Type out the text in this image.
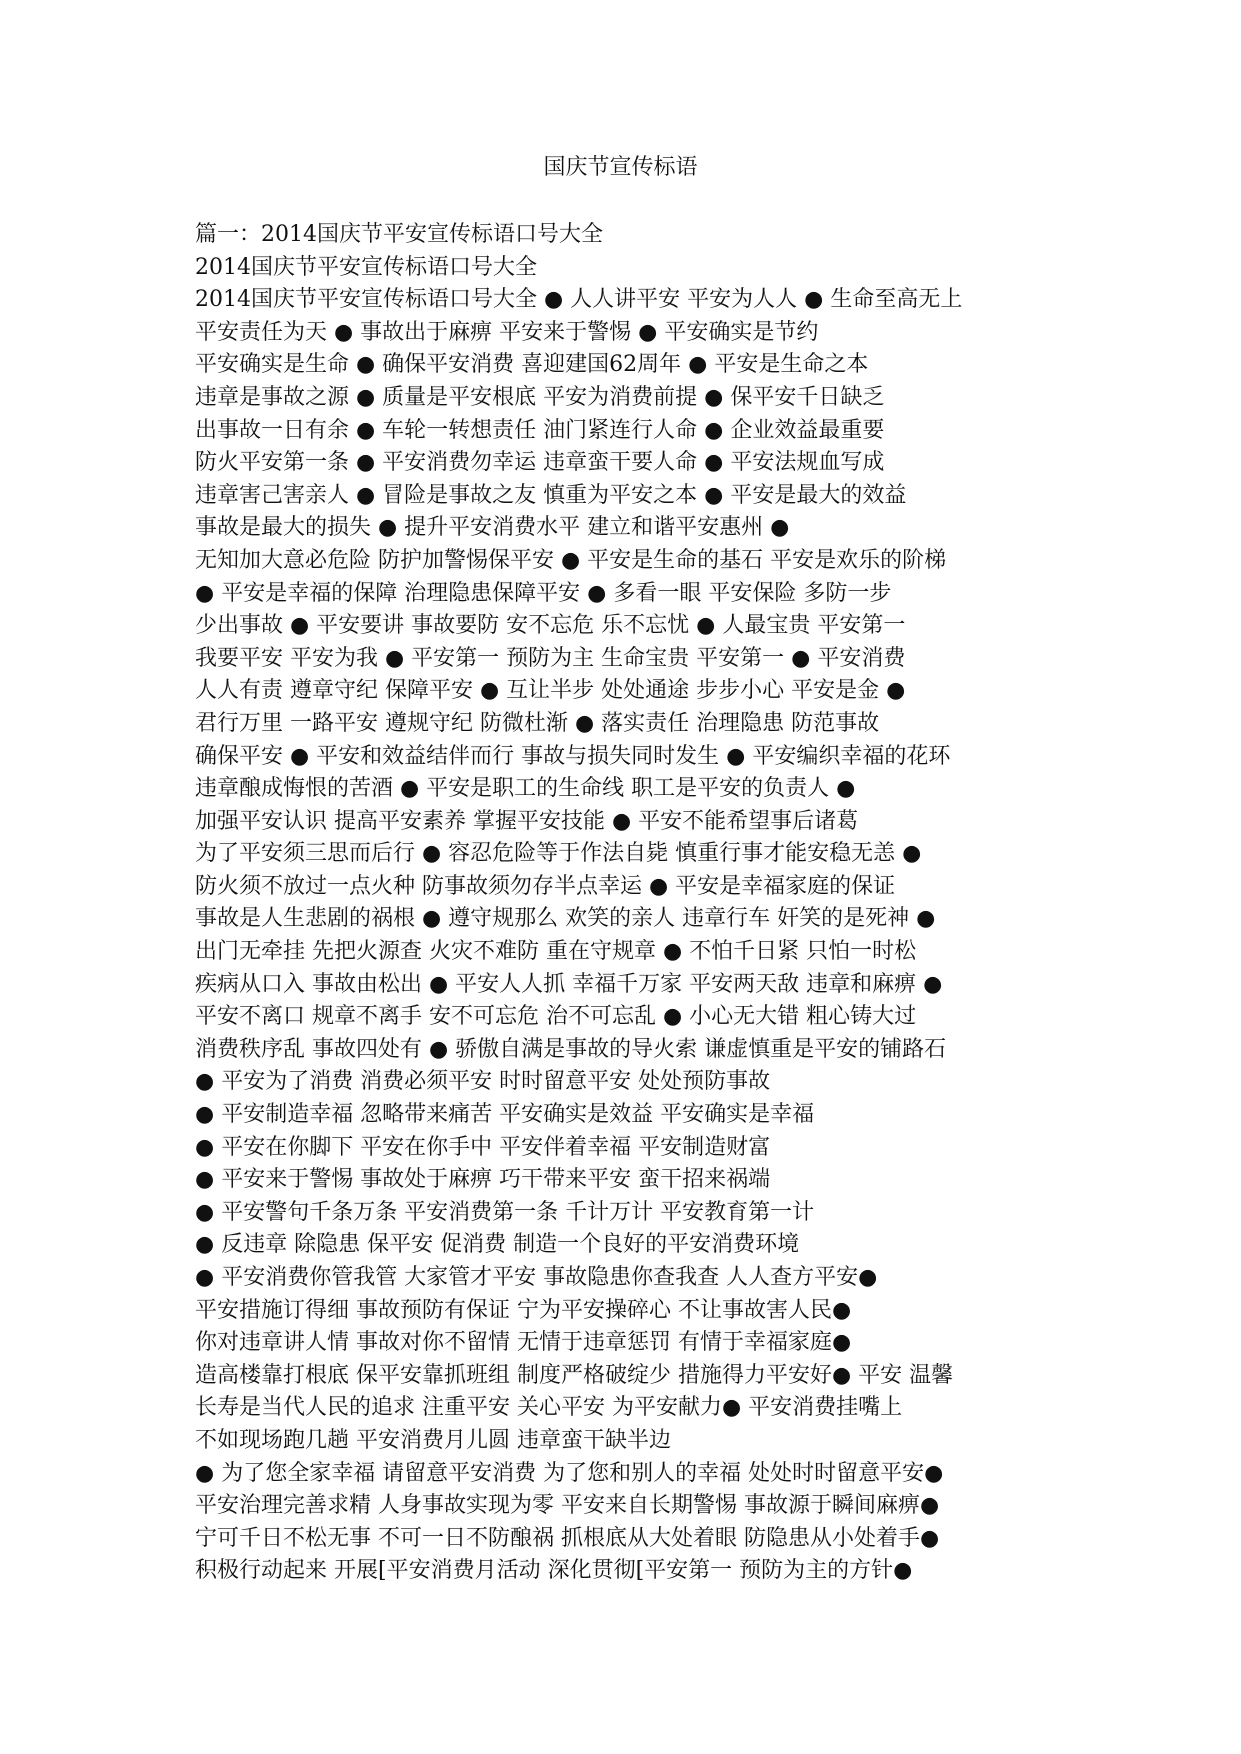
国庆节宣传标语
篇一：2014国庆节平安宣传标语口号大全
2014国庆节平安宣传标语口号大全
2014国庆节平安宣传标语口号大全 ● 人人讲平安 平安为人人 ● 生命至高无上
平安责任为天 ● 事故出于麻痹 平安来于警惕 ● 平安确实是节约
平安确实是生命 ● 确保平安消费 喜迎建国62周年 ● 平安是生命之本
违章是事故之源 ● 质量是平安根底 平安为消费前提 ● 保平安千日缺乏
出事故一日有余 ● 车轮一转想责任 油门紧连行人命 ● 企业效益最重要
防火平安第一条 ● 平安消费勿幸运 违章蛮干要人命 ● 平安法规血写成
违章害己害亲人 ● 冒险是事故之友 慎重为平安之本 ● 平安是最大的效益
事故是最大的损失 ● 提升平安消费水平 建立和谐平安惠州 ●
无知加大意必危险 防护加警惕保平安 ● 平安是生命的基石 平安是欢乐的阶梯
● 平安是幸福的保障 治理隐患保障平安 ● 多看一眼 平安保险 多防一步
少出事故 ● 平安要讲 事故要防 安不忘危 乐不忘忧 ● 人最宝贵 平安第一
我要平安 平安为我 ● 平安第一 预防为主 生命宝贵 平安第一 ● 平安消费
人人有责 遵章守纪 保障平安 ● 互让半步 处处通途 步步小心 平安是金 ●
君行万里 一路平安 遵规守纪 防微杜渐 ● 落实责任 治理隐患 防范事故
确保平安 ● 平安和效益结伴而行 事故与损失同时发生 ● 平安编织幸福的花环
违章酿成悔恨的苦酒 ● 平安是职工的生命线 职工是平安的负责人 ●
加强平安认识 提高平安素养 掌握平安技能 ● 平安不能希望事后诸葛
为了平安须三思而后行 ● 容忍危险等于作法自毙 慎重行事才能安稳无恙 ●
防火须不放过一点火种 防事故须勿存半点幸运 ● 平安是幸福家庭的保证
事故是人生悲剧的祸根 ● 遵守规那么 欢笑的亲人 违章行车 奸笑的是死神 ●
出门无牵挂 先把火源查 火灾不难防 重在守规章 ● 不怕千日紧 只怕一时松
疾病从口入 事故由松出 ● 平安人人抓 幸福千万家 平安两天敌 违章和麻痹 ●
平安不离口 规章不离手 安不可忘危 治不可忘乱 ● 小心无大错 粗心铸大过
消费秩序乱 事故四处有 ● 骄傲自满是事故的导火索 谦虚慎重是平安的铺路石
● 平安为了消费 消费必须平安 时时留意平安 处处预防事故
● 平安制造幸福 忽略带来痛苦 平安确实是效益 平安确实是幸福
● 平安在你脚下 平安在你手中 平安伴着幸福 平安制造财富
● 平安来于警惕 事故处于麻痹 巧干带来平安 蛮干招来祸端
● 平安警句千条万条 平安消费第一条 千计万计 平安教育第一计
● 反违章 除隐患 保平安 促消费 制造一个良好的平安消费环境
● 平安消费你管我管 大家管才平安 事故隐患你查我查 人人查方平安●
平安措施订得细 事故预防有保证 宁为平安操碎心 不让事故害人民●
你对违章讲人情 事故对你不留情 无情于违章惩罚 有情于幸福家庭●
造高楼靠打根底 保平安靠抓班组 制度严格破绽少 措施得力平安好● 平安 温馨
长寿是当代人民的追求 注重平安 关心平安 为平安献力● 平安消费挂嘴上
不如现场跑几趟 平安消费月儿圆 违章蛮干缺半边
● 为了您全家幸福 请留意平安消费 为了您和别人的幸福 处处时时留意平安●
平安治理完善求精 人身事故实现为零 平安来自长期警惕 事故源于瞬间麻痹●
宁可千日不松无事 不可一日不防酿祸 抓根底从大处着眼 防隐患从小处着手●
积极行动起来 开展[平安消费月活动 深化贯彻[平安第一 预防为主的方针●
